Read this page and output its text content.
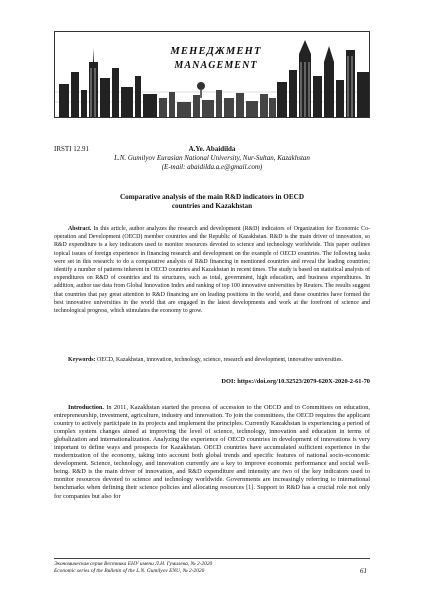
МЕНЕДЖМЕНТ
MANAGEMENT
IRSTI 12.91	A.Ye. Abaidilda
L.N. Gumilyov Eurasian National University, Nur-Sultan, Kazakhstan
(E-mail: abaidilda.a.e@gmail.com)
Comparative analysis of the main R&D indicators in OECD
countries and Kazakhstan

Abstract. In this article, author analyzes the research and development (R&D) indicators of Organization for Economic Co-operation and Development (OECD) member countries and the Republic of Kazakhstan. R&D is the main driver of innovation, so R&D expenditure is a key indicators used to monitor resources devoted to science and technology worldwide. This paper outlines topical issues of foreign experience in financing research and development on the example of OECD countries. The following tasks were set in this research: to do a comparative analysis of R&D financing in mentioned countries and reveal the leading countries; identify a number of patterns inherent in OECD countries and Kazakhstan in recent times. The study is based on statistical analysis of expenditures on R&D of countries and its structures, such as total, government, high education, and business expenditures. In addition, author use data from Global Innovation Index and ranking of top 100 innovative universities by Reuters. The results suggest that countries that pay great attention to R&D financing are on leading positions in the world, and these countries have formed the best innovative universities in the world that are engaged in the latest developments and work at the forefront of science and technological progress, which stimulates the economy to grow.

Keywords: OECD, Kazakhstan, innovation, technology, science, research and development, innovative universities.

DOI: https://doi.org/10.32523/2079-620X-2020-2-61-70

Introduction. In 2011, Kazakhstan started the process of accession to the OECD and to Committees on education, entrepreneurship, investment, agriculture, industry and innovation. To join the committees, the OECD requires the applicant country to actively participate in its projects and implement the principles. Currently Kazakhstan is experiencing a period of complex system changes aimed at improving the level of science, technology, innovation and education in terms of globalization and internationalization. Analyzing the experience of OECD countries in development of innovations is very important to define ways and prospects for Kazakhstan. OECD countries have accumulated sufficient experience in the modernization of the economy, taking into account both global trends and specific features of national socio-economic development. Science, technology, and innovation currently are a key to improve economic performance and social well-being. R&D is the main driver of innovation, and R&D expenditure and intensity are two of the key indicators used to monitor resources devoted to science and technology worldwide. Governments are increasingly referring to international benchmarks when defining their science policies and allocating resources [1]. Support to R&D has a crucial role not only for companies but also for

Экономическая серия Вестника ЕНУ имени Л.Н. Гумилева, № 2-2020
Economic series of the Bulletin of the L.N. Gumilyov ENU, № 2-2020	61
